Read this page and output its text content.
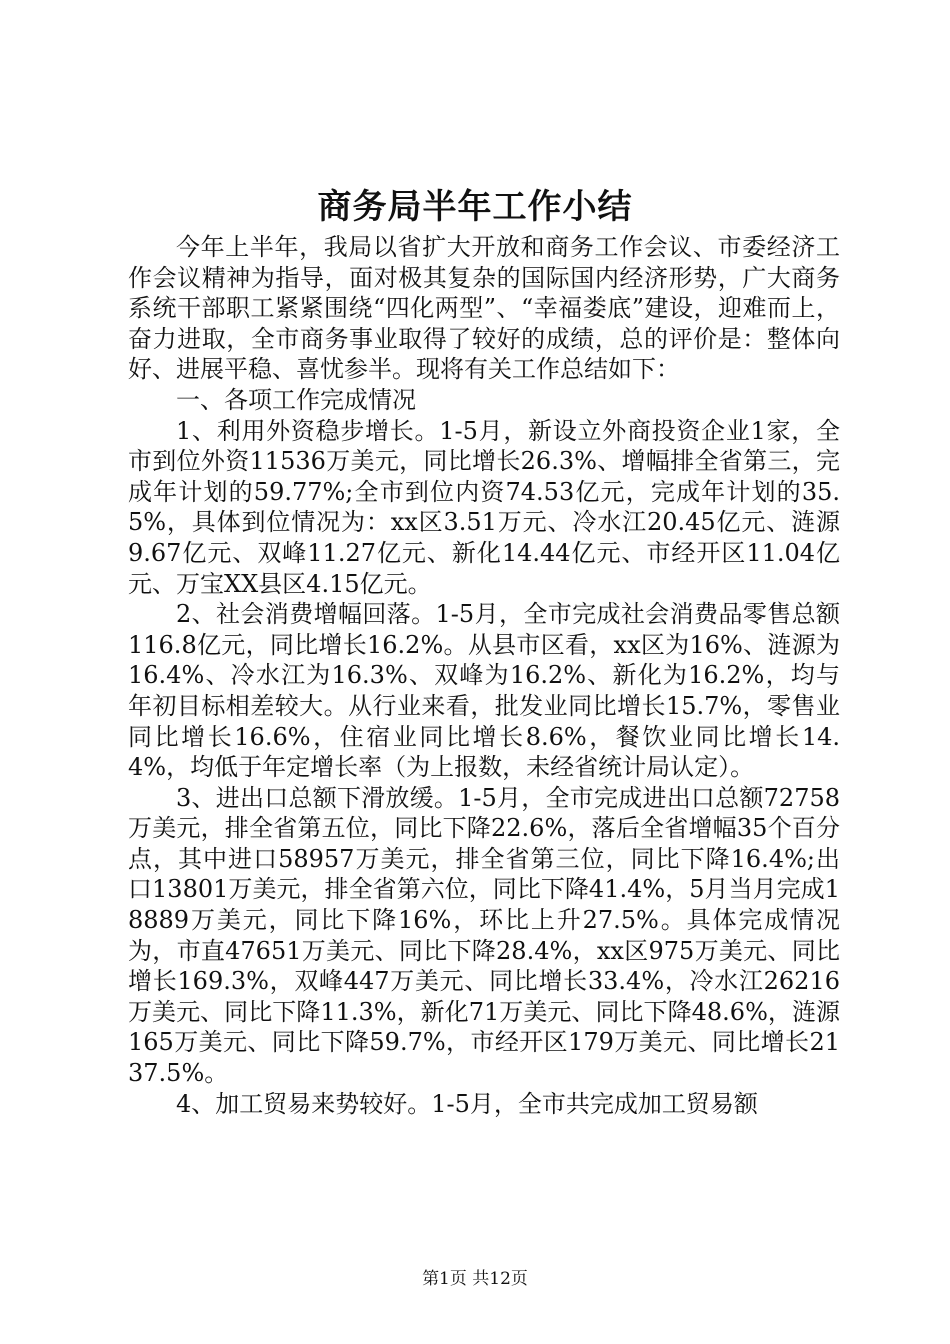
商务局半年工作小结

今年上半年，我局以省扩大开放和商务工作会议、市委经济工作会议精神为指导，面对极其复杂的国际国内经济形势，广大商务系统干部职工紧紧围绕“四化两型”、“幸福娄底”建设，迎难而上，奋力进取，全市商务事业取得了较好的成绩，总的评价是：整体向好、进展平稳、喜忧参半。现将有关工作总结如下：

一、各项工作完成情况

1、利用外资稳步增长。1-5月，新设立外商投资企业1家，全市到位外资11536万美元，同比增长26.3%、增幅排全省第三，完成年计划的59.77%;全市到位内资74.53亿元，完成年计划的35.5%，具体到位情况为：xx区3.51万元、冷水江20.45亿元、涟源9.67亿元、双峰11.27亿元、新化14.44亿元、市经开区11.04亿元、万宝XX县区4.15亿元。

2、社会消费增幅回落。1-5月，全市完成社会消费品零售总额116.8亿元，同比增长16.2%。从县市区看，xx区为16%、涟源为16.4%、冷水江为16.3%、双峰为16.2%、新化为16.2%，均与年初目标相差较大。从行业来看，批发业同比增长15.7%，零售业同比增长16.6%，住宿业同比增长8.6%，餐饮业同比增长14.4%，均低于年定增长率（为上报数，未经省统计局认定）。

3、进出口总额下滑放缓。1-5月，全市完成进出口总额72758万美元，排全省第五位，同比下降22.6%，落后全省增幅35个百分点，其中进口58957万美元，排全省第三位，同比下降16.4%;出口13801万美元，排全省第六位，同比下降41.4%，5月当月完成18889万美元，同比下降16%，环比上升27.5%。具体完成情况为，市直47651万美元、同比下降28.4%，xx区975万美元、同比增长169.3%，双峰447万美元、同比增长33.4%，冷水江26216万美元、同比下降11.3%，新化71万美元、同比下降48.6%，涟源165万美元、同比下降59.7%，市经开区179万美元、同比增长2137.5%。

4、加工贸易来势较好。1-5月，全市共完成加工贸易额

第1页 共12页
